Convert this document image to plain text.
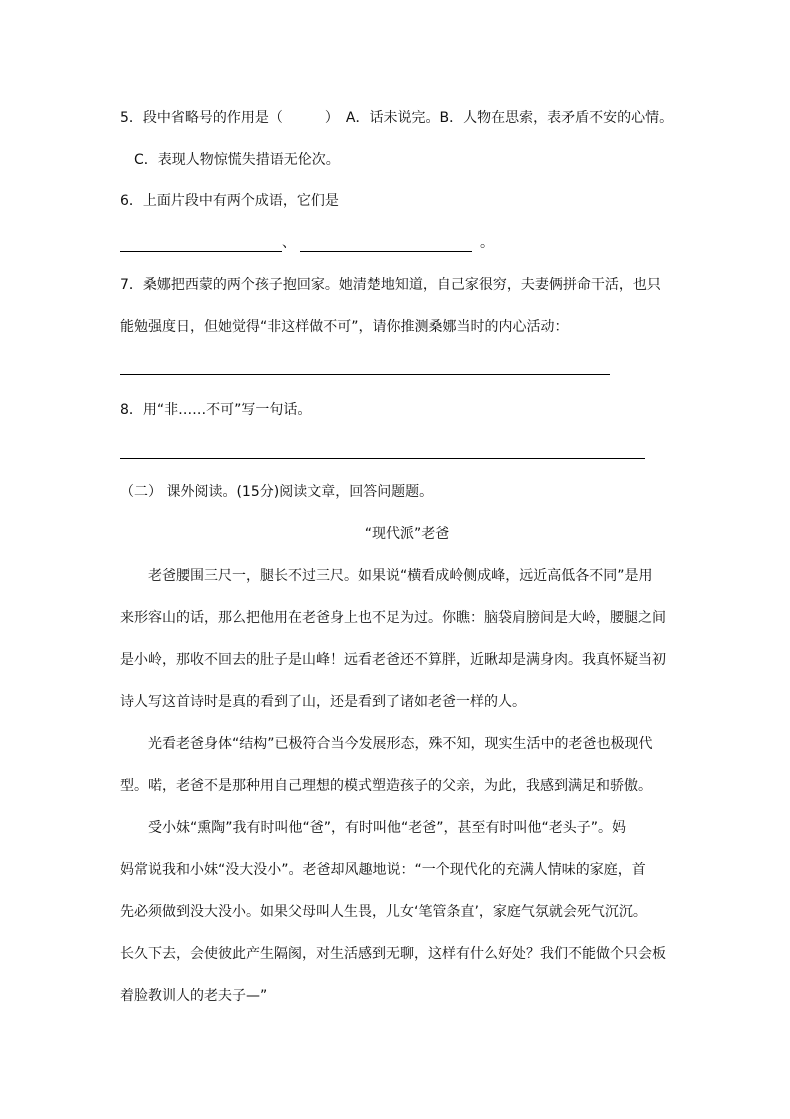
5．段中省略号的作用是（　　　）　A．话未说完。B．人物在思索，表矛盾不安的心情。
　C．表现人物惊慌失措语无伦次。
6．上面片段中有两个成语，它们是
、	。
7．桑娜把西蒙的两个孩子抱回家。她清楚地知道，自己家很穷，夫妻俩拼命干活，也只
能勉强度日，但她觉得“非这样做不可”，请你推测桑娜当时的内心活动：
8．用“非……不可”写一句话。
（二） 课外阅读。(15分)阅读文章，回答问题题。
“现代派”老爸
　　老爸腰围三尺一，腿长不过三尺。如果说“横看成岭侧成峰，远近高低各不同”是用
来形容山的话，那么把他用在老爸身上也不足为过。你瞧：脑袋肩膀间是大岭，腰腿之间
是小岭，那收不回去的肚子是山峰！远看老爸还不算胖，近瞅却是满身肉。我真怀疑当初
诗人写这首诗时是真的看到了山，还是看到了诸如老爸一样的人。
　　光看老爸身体“结构”已极符合当今发展形态，殊不知，现实生活中的老爸也极现代
型。喏，老爸不是那种用自己理想的模式塑造孩子的父亲，为此，我感到满足和骄傲。
　　受小妹“熏陶”我有时叫他“爸”，有时叫他“老爸”，甚至有时叫他“老头子”。妈
妈常说我和小妹“没大没小”。老爸却风趣地说：“一个现代化的充满人情味的家庭，首
先必须做到没大没小。如果父母叫人生畏，儿女‘笔管条直’，家庭气氛就会死气沉沉。
长久下去，会使彼此产生隔阂，对生活感到无聊，这样有什么好处？我们不能做个只会板
着脸教训人的老夫子—”
